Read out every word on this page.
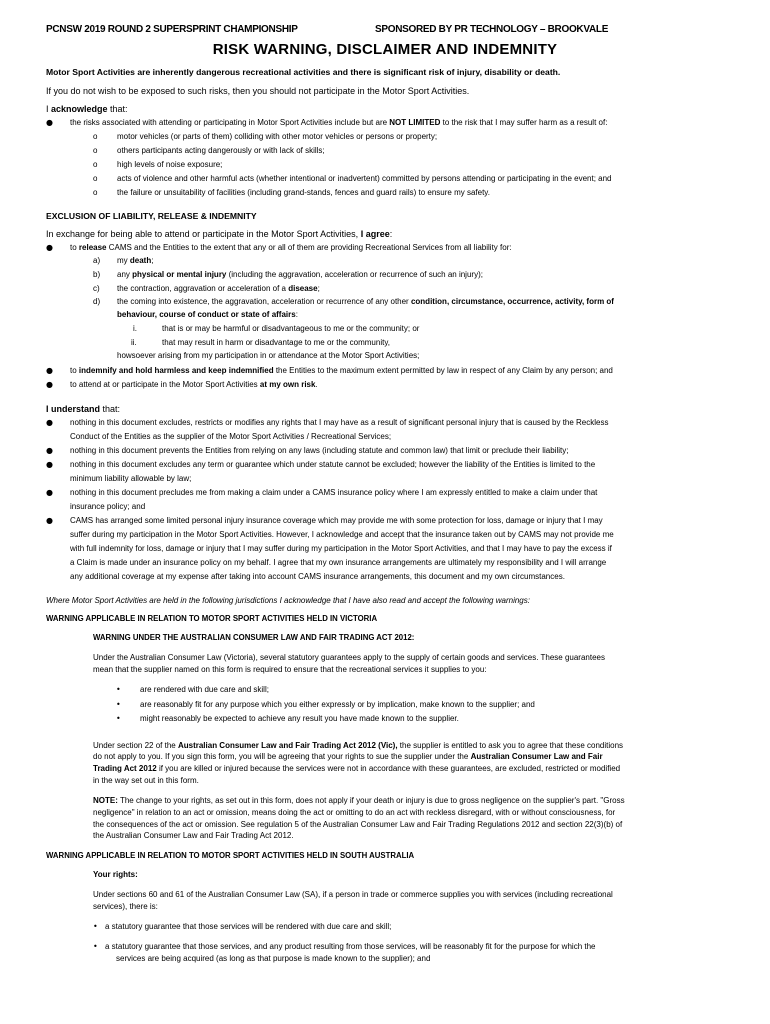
PCNSW 2019 ROUND 2 SUPERSPRINT CHAMPIONSHIP	SPONSORED BY PR TECHNOLOGY – BROOKVALE
RISK WARNING, DISCLAIMER AND INDEMNITY
Motor Sport Activities are inherently dangerous recreational activities and there is significant risk of injury, disability or death.
If you do not wish to be exposed to such risks, then you should not participate in the Motor Sport Activities.
I acknowledge that:
● the risks associated with attending or participating in Motor Sport Activities include but are NOT LIMITED to the risk that I may suffer harm as a result of:
o motor vehicles (or parts of them) colliding with other motor vehicles or persons or property;
o others participants acting dangerously or with lack of skills;
o high levels of noise exposure;
o acts of violence and other harmful acts (whether intentional or inadvertent) committed by persons attending or participating in the event; and
o the failure or unsuitability of facilities (including grand-stands, fences and guard rails) to ensure my safety.
EXCLUSION OF LIABILITY, RELEASE & INDEMNITY
In exchange for being able to attend or participate in the Motor Sport Activities, I agree:
● to release CAMS and the Entities to the extent that any or all of them are providing Recreational Services from all liability for:
a) my death;
b) any physical or mental injury (including the aggravation, acceleration or recurrence of such an injury);
c) the contraction, aggravation or acceleration of a disease;
d) the coming into existence, the aggravation, acceleration or recurrence of any other condition, circumstance, occurrence, activity, form of
behaviour, course of conduct or state of affairs:
i.	that is or may be harmful or disadvantageous to me or the community; or
ii.	that may result in harm or disadvantage to me or the community,
howsoever arising from my participation in or attendance at the Motor Sport Activities;
● to indemnify and hold harmless and keep indemnified the Entities to the maximum extent permitted by law in respect of any Claim by any person; and
● to attend at or participate in the Motor Sport Activities at my own risk.
I understand that:
● nothing in this document excludes, restricts or modifies any rights that I may have as a result of significant personal injury that is caused by the Reckless
Conduct of the Entities as the supplier of the Motor Sport Activities / Recreational Services;
● nothing in this document prevents the Entities from relying on any laws (including statute and common law) that limit or preclude their liability;
● nothing in this document excludes any term or guarantee which under statute cannot be excluded; however the liability of the Entities is limited to the
minimum liability allowable by law;
● nothing in this document precludes me from making a claim under a CAMS insurance policy where I am expressly entitled to make a claim under that
insurance policy; and
● CAMS has arranged some limited personal injury insurance coverage which may provide me with some protection for loss, damage or injury that I may
suffer during my participation in the Motor Sport Activities. However, I acknowledge and accept that the insurance taken out by CAMS may not provide me
with full indemnity for loss, damage or injury that I may suffer during my participation in the Motor Sport Activities, and that I may have to pay the excess if
a Claim is made under an insurance policy on my behalf. I agree that my own insurance arrangements are ultimately my responsibility and I will arrange
any additional coverage at my expense after taking into account CAMS insurance arrangements, this document and my own circumstances.
Where Motor Sport Activities are held in the following jurisdictions I acknowledge that I have also read and accept the following warnings:
WARNING APPLICABLE IN RELATION TO MOTOR SPORT ACTIVITIES HELD IN VICTORIA
WARNING UNDER THE AUSTRALIAN CONSUMER LAW AND FAIR TRADING ACT 2012:
Under the Australian Consumer Law (Victoria), several statutory guarantees apply to the supply of certain goods and services. These guarantees
mean that the supplier named on this form is required to ensure that the recreational services it supplies to you:
• are rendered with due care and skill;
• are reasonably fit for any purpose which you either expressly or by implication, make known to the supplier; and
• might reasonably be expected to achieve any result you have made known to the supplier.
Under section 22 of the Australian Consumer Law and Fair Trading Act 2012 (Vic), the supplier is entitled to ask you to agree that these conditions
do not apply to you. If you sign this form, you will be agreeing that your rights to sue the supplier under the Australian Consumer Law and Fair
Trading Act 2012 if you are killed or injured because the services were not in accordance with these guarantees, are excluded, restricted or modified
in the way set out in this form.
NOTE: The change to your rights, as set out in this form, does not apply if your death or injury is due to gross negligence on the supplier's part. "Gross
negligence" in relation to an act or omission, means doing the act or omitting to do an act with reckless disregard, with or without consciousness, for
the consequences of the act or omission. See regulation 5 of the Australian Consumer Law and Fair Trading Regulations 2012 and section 22(3)(b) of
the Australian Consumer Law and Fair Trading Act 2012.
WARNING APPLICABLE IN RELATION TO MOTOR SPORT ACTIVITIES HELD IN SOUTH AUSTRALIA
Your rights:
Under sections 60 and 61 of the Australian Consumer Law (SA), if a person in trade or commerce supplies you with services (including recreational
services), there is:
• a statutory guarantee that those services will be rendered with due care and skill;
• a statutory guarantee that those services, and any product resulting from those services, will be reasonably fit for the purpose for which the
services are being acquired (as long as that purpose is made known to the supplier); and
